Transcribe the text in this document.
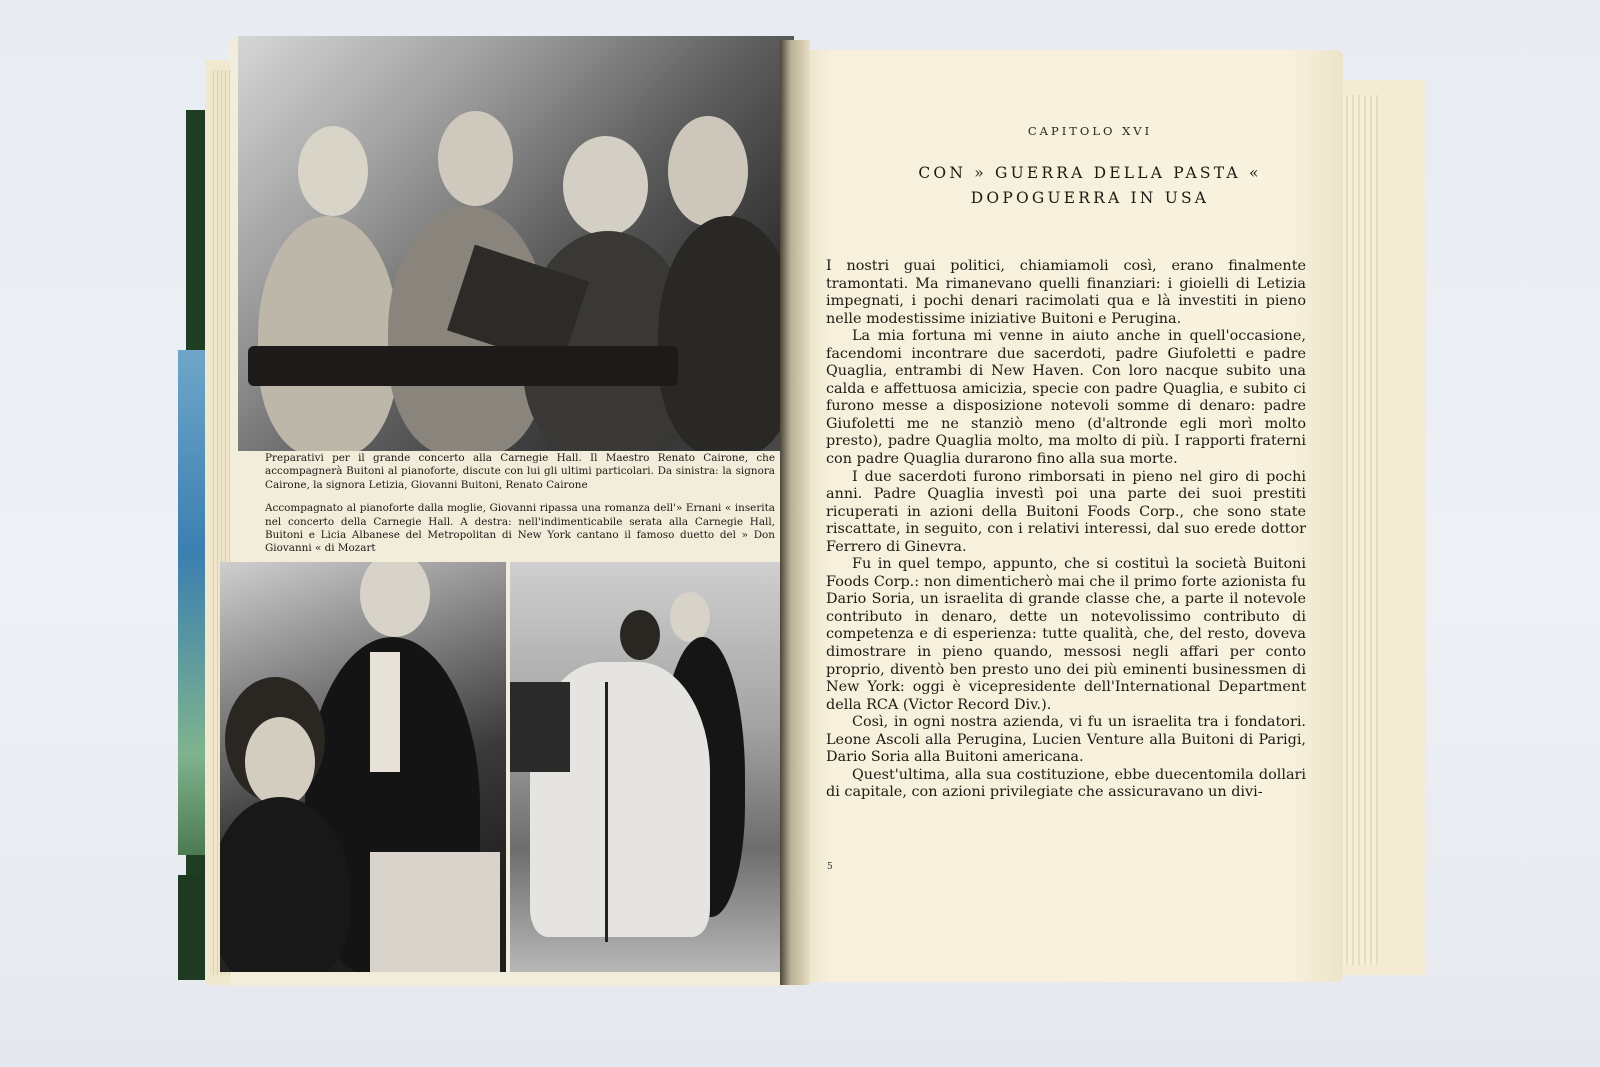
Preparativi per il grande concerto alla Carnegie Hall. Il Maestro Renato Cairone, che accompagnerà Buitoni al pianoforte, discute con lui gli ultimi particolari. Da sinistra: la signora Cairone, la signora Letizia, Giovanni Buitoni, Renato Cairone

Accompagnato al pianoforte dalla moglie, Giovanni ripassa una romanza dell'» Ernani « inserita nel concerto della Carnegie Hall. A destra: nell'indimenticabile serata alla Carnegie Hall, Buitoni e Licia Albanese del Metropolitan di New York cantano il famoso duetto del » Don Giovanni « di Mozart

CAPITOLO XVI
CON » GUERRA DELLA PASTA «
DOPOGUERRA IN USA

I nostri guai politici, chiamiamoli così, erano finalmente tramontati. Ma rimanevano quelli finanziari: i gioielli di Letizia impegnati, i pochi denari racimolati qua e là investiti in pieno nelle modestissime iniziative Buitoni e Perugina.

La mia fortuna mi venne in aiuto anche in quell'occasione, facendomi incontrare due sacerdoti, padre Giufoletti e padre Quaglia, entrambi di New Haven. Con loro nacque subito una calda e affettuosa amicizia, specie con padre Quaglia, e subito ci furono messe a disposizione notevoli somme di denaro: padre Giufoletti me ne stanziò meno (d'altronde egli morì molto presto), padre Quaglia molto, ma molto di più. I rapporti fraterni con padre Quaglia durarono fino alla sua morte.

I due sacerdoti furono rimborsati in pieno nel giro di pochi anni. Padre Quaglia investì poi una parte dei suoi prestiti ricuperati in azioni della Buitoni Foods Corp., che sono state riscattate, in seguito, con i relativi interessi, dal suo erede dottor Ferrero di Ginevra.

Fu in quel tempo, appunto, che si costituì la società Buitoni Foods Corp.: non dimenticherò mai che il primo forte azionista fu Dario Soria, un israelita di grande classe che, a parte il notevole contributo in denaro, dette un notevolissimo contributo di competenza e di esperienza: tutte qualità, che, del resto, doveva dimostrare in pieno quando, messosi negli affari per conto proprio, diventò ben presto uno dei più eminenti businessmen di New York: oggi è vicepresidente dell'International Department della RCA (Victor Record Div.).

Così, in ogni nostra azienda, vi fu un israelita tra i fondatori. Leone Ascoli alla Perugina, Lucien Venture alla Buitoni di Parigi, Dario Soria alla Buitoni americana.

Quest'ultima, alla sua costituzione, ebbe duecentomila dollari di capitale, con azioni privilegiate che assicuravano un divi-

5
